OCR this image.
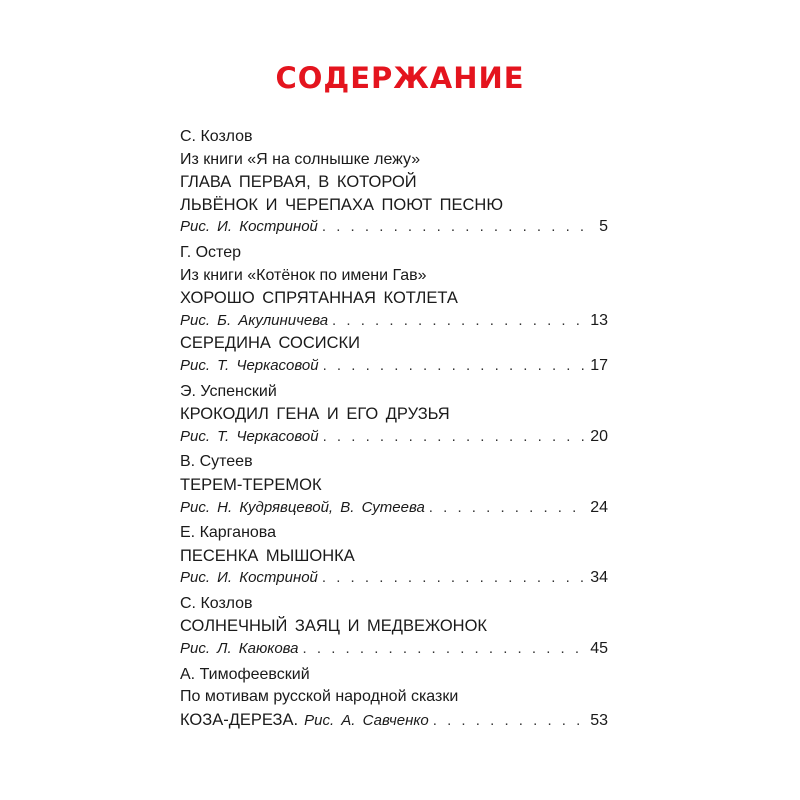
СОДЕРЖАНИЕ
С. Козлов
Из книги «Я на солнышке лежу»
ГЛАВА ПЕРВАЯ, В КОТОРОЙ
ЛЬВЁНОК И ЧЕРЕПАХА ПОЮТ ПЕСНЮ
Рис. И. Костриной . . .	5
Г. Остер
Из книги «Котёнок по имени Гав»
ХОРОШО СПРЯТАННАЯ КОТЛЕТА
Рис. Б. Акулиничева . . .	13
СЕРЕДИНА СОСИСКИ
Рис. Т. Черкасовой . . .	17
Э. Успенский
КРОКОДИЛ ГЕНА И ЕГО ДРУЗЬЯ
Рис. Т. Черкасовой . . .	20
В. Сутеев
ТЕРЕМ-ТЕРЕМОК
Рис. Н. Кудрявцевой, В. Сутеева . . .	24
Е. Карганова
ПЕСЕНКА МЫШОНКА
Рис. И. Костриной . . .	34
С. Козлов
СОЛНЕЧНЫЙ ЗАЯЦ И МЕДВЕЖОНОК
Рис. Л. Каюкова . . .	45
А. Тимофеевский
По мотивам русской народной сказки
КОЗА-ДЕРЕЗА. Рис. А. Савченко . . .	53
